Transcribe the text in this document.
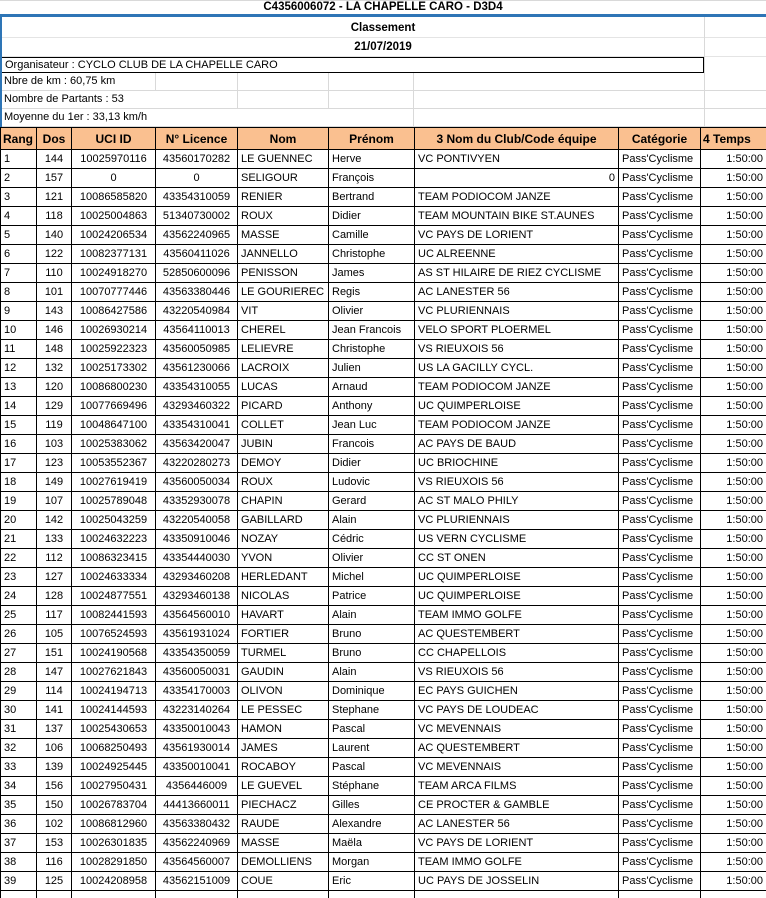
C4356006072 - LA CHAPELLE CARO - D3D4
Classement
21/07/2019
Organisateur : CYCLO CLUB DE LA CHAPELLE CARO
Nbre de km : 60,75 km
Nombre de Partants : 53
Moyenne du 1er : 33,13 km/h
Rang	Dos	UCI ID	N° Licence	Nom	Prénom	3 Nom du Club/Code équipe	Catégorie	4 Temps
1	144	10025970116	43560170282	LE GUENNEC	Herve	VC PONTIVYEN	Pass'Cyclisme	1:50:00
2	157	0	0	SELIGOUR	François	0	Pass'Cyclisme	1:50:00
3	121	10086585820	43354310059	RENIER	Bertrand	TEAM PODIOCOM JANZE	Pass'Cyclisme	1:50:00
4	118	10025004863	51340730002	ROUX	Didier	TEAM MOUNTAIN BIKE ST.AUNES	Pass'Cyclisme	1:50:00
5	140	10024206534	43562240965	MASSE	Camille	VC PAYS DE LORIENT	Pass'Cyclisme	1:50:00
6	122	10082377131	43560411026	JANNELLO	Christophe	UC ALREENNE	Pass'Cyclisme	1:50:00
7	110	10024918270	52850600096	PENISSON	James	AS ST HILAIRE DE RIEZ CYCLISME	Pass'Cyclisme	1:50:00
8	101	10070777446	43563380446	LE GOURIEREC	Regis	AC LANESTER 56	Pass'Cyclisme	1:50:00
9	143	10086427586	43220540984	VIT	Olivier	VC PLURIENNAIS	Pass'Cyclisme	1:50:00
10	146	10026930214	43564110013	CHEREL	Jean Francois	VELO SPORT PLOERMEL	Pass'Cyclisme	1:50:00
11	148	10025922323	43560050985	LELIEVRE	Christophe	VS RIEUXOIS 56	Pass'Cyclisme	1:50:00
12	132	10025173302	43561230066	LACROIX	Julien	US LA GACILLY CYCL.	Pass'Cyclisme	1:50:00
13	120	10086800230	43354310055	LUCAS	Arnaud	TEAM PODIOCOM JANZE	Pass'Cyclisme	1:50:00
14	129	10077669496	43293460322	PICARD	Anthony	UC QUIMPERLOISE	Pass'Cyclisme	1:50:00
15	119	10048647100	43354310041	COLLET	Jean Luc	TEAM PODIOCOM JANZE	Pass'Cyclisme	1:50:00
16	103	10025383062	43563420047	JUBIN	Francois	AC PAYS DE BAUD	Pass'Cyclisme	1:50:00
17	123	10053552367	43220280273	DEMOY	Didier	UC BRIOCHINE	Pass'Cyclisme	1:50:00
18	149	10027619419	43560050034	ROUX	Ludovic	VS RIEUXOIS 56	Pass'Cyclisme	1:50:00
19	107	10025789048	43352930078	CHAPIN	Gerard	AC ST MALO PHILY	Pass'Cyclisme	1:50:00
20	142	10025043259	43220540058	GABILLARD	Alain	VC PLURIENNAIS	Pass'Cyclisme	1:50:00
21	133	10024632223	43350910046	NOZAY	Cédric	US VERN CYCLISME	Pass'Cyclisme	1:50:00
22	112	10086323415	43354440030	YVON	Olivier	CC ST ONEN	Pass'Cyclisme	1:50:00
23	127	10024633334	43293460208	HERLEDANT	Michel	UC QUIMPERLOISE	Pass'Cyclisme	1:50:00
24	128	10024877551	43293460138	NICOLAS	Patrice	UC QUIMPERLOISE	Pass'Cyclisme	1:50:00
25	117	10082441593	43564560010	HAVART	Alain	TEAM IMMO GOLFE	Pass'Cyclisme	1:50:00
26	105	10076524593	43561931024	FORTIER	Bruno	AC QUESTEMBERT	Pass'Cyclisme	1:50:00
27	151	10024190568	43354350059	TURMEL	Bruno	CC CHAPELLOIS	Pass'Cyclisme	1:50:00
28	147	10027621843	43560050031	GAUDIN	Alain	VS RIEUXOIS 56	Pass'Cyclisme	1:50:00
29	114	10024194713	43354170003	OLIVON	Dominique	EC PAYS GUICHEN	Pass'Cyclisme	1:50:00
30	141	10024144593	43223140264	LE PESSEC	Stephane	VC PAYS DE LOUDEAC	Pass'Cyclisme	1:50:00
31	137	10025430653	43350010043	HAMON	Pascal	VC MEVENNAIS	Pass'Cyclisme	1:50:00
32	106	10068250493	43561930014	JAMES	Laurent	AC QUESTEMBERT	Pass'Cyclisme	1:50:00
33	139	10024925445	43350010041	ROCABOY	Pascal	VC MEVENNAIS	Pass'Cyclisme	1:50:00
34	156	10027950431	4356446009	LE GUEVEL	Stéphane	TEAM ARCA FILMS	Pass'Cyclisme	1:50:00
35	150	10026783704	44413660011	PIECHACZ	Gilles	CE PROCTER & GAMBLE	Pass'Cyclisme	1:50:00
36	102	10086812960	43563380432	RAUDE	Alexandre	AC LANESTER 56	Pass'Cyclisme	1:50:00
37	153	10026301835	43562240969	MASSE	Maëla	VC PAYS DE LORIENT	Pass'Cyclisme	1:50:00
38	116	10028291850	43564560007	DEMOLLIENS	Morgan	TEAM IMMO GOLFE	Pass'Cyclisme	1:50:00
39	125	10024208958	43562151009	COUE	Eric	UC PAYS DE JOSSELIN	Pass'Cyclisme	1:50:00
